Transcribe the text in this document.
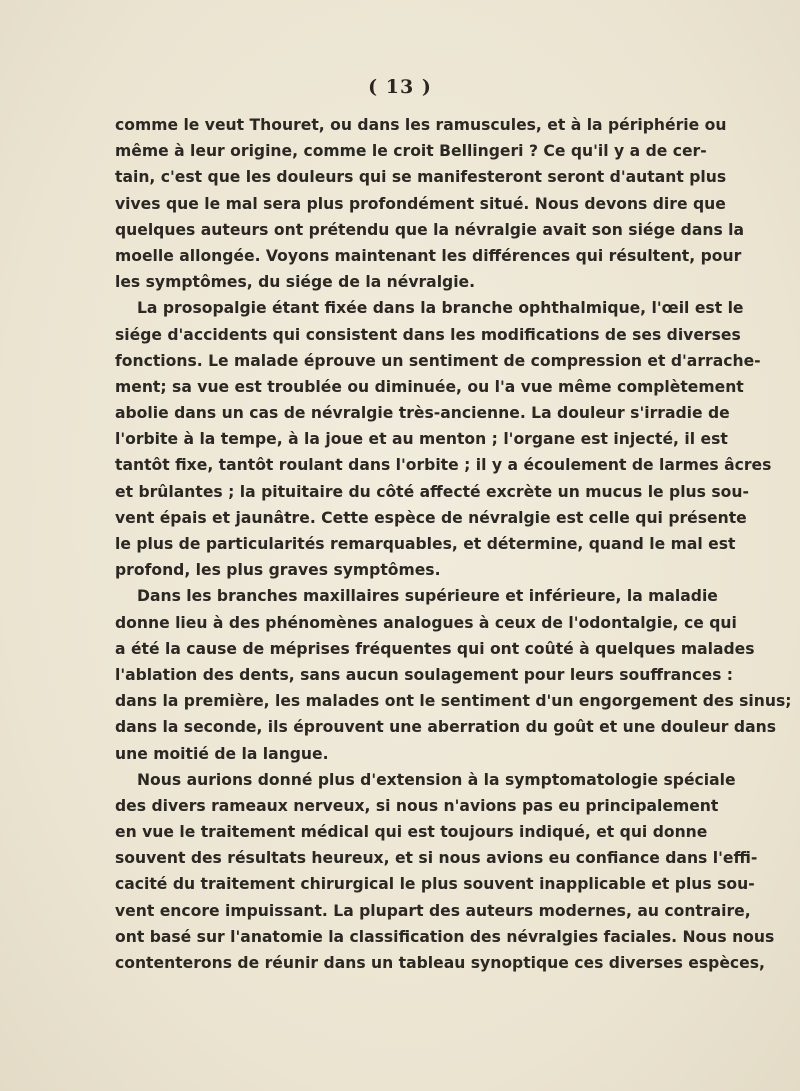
( 13 )
comme le veut Thouret, ou dans les ramuscules, et à la périphérie ou
même à leur origine, comme le croit Bellingeri ? Ce qu'il y a de cer-
tain, c'est que les douleurs qui se manifesteront seront d'autant plus
vives que le mal sera plus profondément situé. Nous devons dire que
quelques auteurs ont prétendu que la névralgie avait son siége dans la
moelle allongée. Voyons maintenant les différences qui résultent, pour
les symptômes, du siége de la névralgie.
La prosopalgie étant fixée dans la branche ophthalmique, l'œil est le
siége d'accidents qui consistent dans les modifications de ses diverses
fonctions. Le malade éprouve un sentiment de compression et d'arrache-
ment; sa vue est troublée ou diminuée, ou l'a vue même complètement
abolie dans un cas de névralgie très-ancienne. La douleur s'irradie de
l'orbite à la tempe, à la joue et au menton ; l'organe est injecté, il est
tantôt fixe, tantôt roulant dans l'orbite ; il y a écoulement de larmes âcres
et brûlantes ; la pituitaire du côté affecté excrète un mucus le plus sou-
vent épais et jaunâtre. Cette espèce de névralgie est celle qui présente
le plus de particularités remarquables, et détermine, quand le mal est
profond, les plus graves symptômes.
Dans les branches maxillaires supérieure et inférieure, la maladie
donne lieu à des phénomènes analogues à ceux de l'odontalgie, ce qui
a été la cause de méprises fréquentes qui ont coûté à quelques malades
l'ablation des dents, sans aucun soulagement pour leurs souffrances :
dans la première, les malades ont le sentiment d'un engorgement des sinus;
dans la seconde, ils éprouvent une aberration du goût et une douleur dans
une moitié de la langue.
Nous aurions donné plus d'extension à la symptomatologie spéciale
des divers rameaux nerveux, si nous n'avions pas eu principalement
en vue le traitement médical qui est toujours indiqué, et qui donne
souvent des résultats heureux, et si nous avions eu confiance dans l'effi-
cacité du traitement chirurgical le plus souvent inapplicable et plus sou-
vent encore impuissant. La plupart des auteurs modernes, au contraire,
ont basé sur l'anatomie la classification des névralgies faciales. Nous nous
contenterons de réunir dans un tableau synoptique ces diverses espèces,
